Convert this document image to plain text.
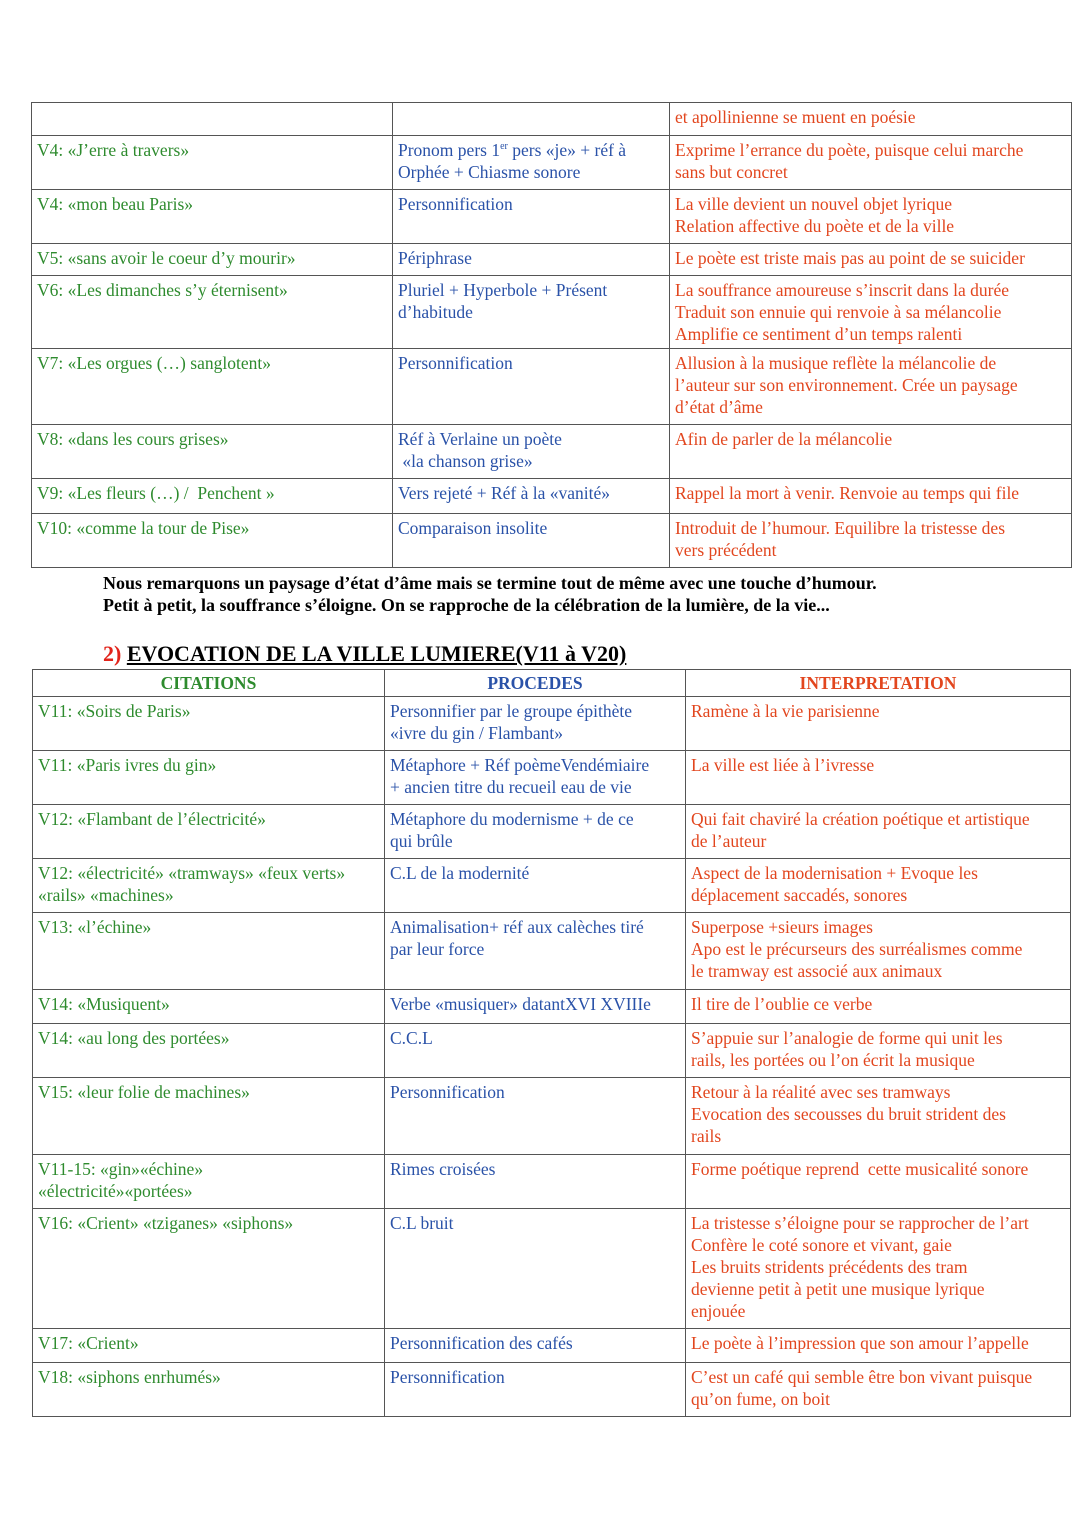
		et apollinienne se muent en poésie

V4: «J’erre à travers»	Pronom pers 1er pers «je» + réf à
Orphée + Chiasme sonore	Exprime l’errance du poète, puisque celui marche
sans but concret

V4: «mon beau Paris»	Personnification	La ville devient un nouvel objet lyrique
Relation affective du poète et de la ville

V5: «sans avoir le coeur d’y mourir»	Périphrase	Le poète est triste mais pas au point de se suicider

V6: «Les dimanches s’y éternisent»	Pluriel + Hyperbole + Présent
d’habitude	La souffrance amoureuse s’inscrit dans la durée
Traduit son ennuie qui renvoie à sa mélancolie
Amplifie ce sentiment d’un temps ralenti

V7: «Les orgues (…) sanglotent»	Personnification	Allusion à la musique reflète la mélancolie de
l’auteur sur son environnement. Crée un paysage
d’état d’âme

V8: «dans les cours grises»	Réf à Verlaine un poète
«la chanson grise»	Afin de parler de la mélancolie

V9: «Les fleurs (…) /  Penchent »	Vers rejeté + Réf à la «vanité»	Rappel la mort à venir. Renvoie au temps qui file

V10: «comme la tour de Pise»	Comparaison insolite	Introduit de l’humour. Equilibre la tristesse des
vers précédent
Nous remarquons un paysage d’état d’âme mais se termine tout de même avec une touche d’humour.
Petit à petit, la souffrance s’éloigne. On se rapproche de la célébration de la lumière, de la vie...
2) EVOCATION DE LA VILLE LUMIERE(V11 à V20)
CITATIONS	PROCEDES	INTERPRETATION

V11: «Soirs de Paris»	Personnifier par le groupe épithète
«ivre du gin / Flambant»	Ramène à la vie parisienne

V11: «Paris ivres du gin»	Métaphore + Réf poèmeVendémiaire
+ ancien titre du recueil eau de vie	La ville est liée à l’ivresse

V12: «Flambant de l’électricité»	Métaphore du modernisme + de ce
qui brûle	Qui fait chaviré la création poétique et artistique
de l’auteur

V12: «électricité» «tramways» «feux verts»
«rails» «machines»	C.L de la modernité	Aspect de la modernisation + Evoque les
déplacement saccadés, sonores

V13: «l’échine»	Animalisation+ réf aux calèches tiré
par leur force	Superpose +sieurs images
Apo est le précurseurs des surréalismes comme
le tramway est associé aux animaux

V14: «Musiquent»	Verbe «musiquer» datantXVI XVIIIe	Il tire de l’oublie ce verbe

V14: «au long des portées»	C.C.L	S’appuie sur l’analogie de forme qui unit les
rails, les portées ou l’on écrit la musique

V15: «leur folie de machines»	Personnification	Retour à la réalité avec ses tramways
Evocation des secousses du bruit strident des
rails

V11-15: «gin»«échine»
«électricité»«portées»	Rimes croisées	Forme poétique reprend  cette musicalité sonore

V16: «Crient» «tziganes» «siphons»	C.L bruit	La tristesse s’éloigne pour se rapprocher de l’art
Confère le coté sonore et vivant, gaie
Les bruits stridents précédents des tram
devienne petit à petit une musique lyrique
enjouée

V17: «Crient»	Personnification des cafés	Le poète à l’impression que son amour l’appelle

V18: «siphons enrhumés»	Personnification	C’est un café qui semble être bon vivant puisque
qu’on fume, on boit
